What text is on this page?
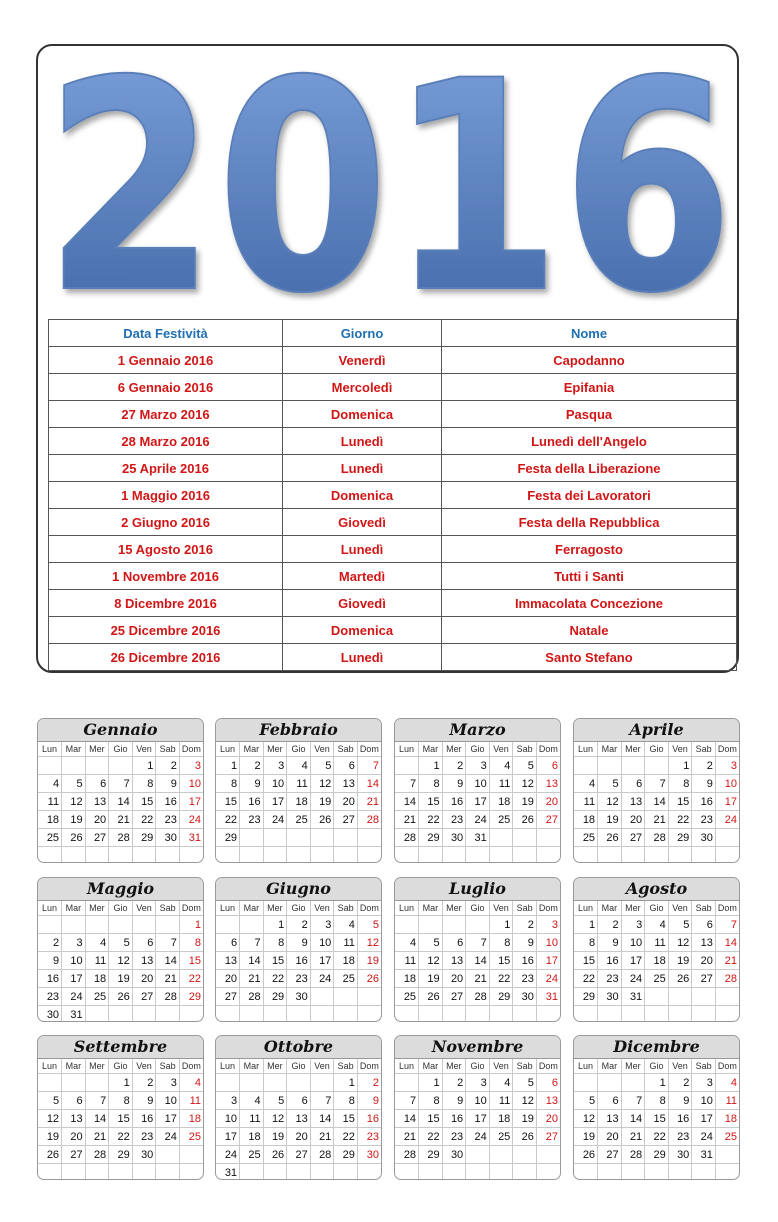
2016
Data Festività	Giorno	Nome
1 Gennaio 2016	Venerdì	Capodanno
6 Gennaio 2016	Mercoledì	Epifania
27 Marzo 2016	Domenica	Pasqua
28 Marzo 2016	Lunedì	Lunedì dell'Angelo
25 Aprile 2016	Lunedì	Festa della Liberazione
1 Maggio 2016	Domenica	Festa dei Lavoratori
2 Giugno 2016	Giovedì	Festa della Repubblica
15 Agosto 2016	Lunedì	Ferragosto
1 Novembre 2016	Martedì	Tutti i Santi
8 Dicembre 2016	Giovedì	Immacolata Concezione
25 Dicembre 2016	Domenica	Natale
26 Dicembre 2016	Lunedì	Santo Stefano
Gennaio
Lun	Mar	Mer	Gio	Ven	Sab	Dom
				1	2	3
4	5	6	7	8	9	10
11	12	13	14	15	16	17
18	19	20	21	22	23	24
25	26	27	28	29	30	31

Febbraio
Lun	Mar	Mer	Gio	Ven	Sab	Dom
1	2	3	4	5	6	7
8	9	10	11	12	13	14
15	16	17	18	19	20	21
22	23	24	25	26	27	28
29						

Marzo
Lun	Mar	Mer	Gio	Ven	Sab	Dom
	1	2	3	4	5	6
7	8	9	10	11	12	13
14	15	16	17	18	19	20
21	22	23	24	25	26	27
28	29	30	31			

Aprile
Lun	Mar	Mer	Gio	Ven	Sab	Dom
				1	2	3
4	5	6	7	8	9	10
11	12	13	14	15	16	17
18	19	20	21	22	23	24
25	26	27	28	29	30	

Maggio
Lun	Mar	Mer	Gio	Ven	Sab	Dom
						1
2	3	4	5	6	7	8
9	10	11	12	13	14	15
16	17	18	19	20	21	22
23	24	25	26	27	28	29
30	31					
Giugno
Lun	Mar	Mer	Gio	Ven	Sab	Dom
		1	2	3	4	5
6	7	8	9	10	11	12
13	14	15	16	17	18	19
20	21	22	23	24	25	26
27	28	29	30			

Luglio
Lun	Mar	Mer	Gio	Ven	Sab	Dom
				1	2	3
4	5	6	7	8	9	10
11	12	13	14	15	16	17
18	19	20	21	22	23	24
25	26	27	28	29	30	31

Agosto
Lun	Mar	Mer	Gio	Ven	Sab	Dom
1	2	3	4	5	6	7
8	9	10	11	12	13	14
15	16	17	18	19	20	21
22	23	24	25	26	27	28
29	30	31				

Settembre
Lun	Mar	Mer	Gio	Ven	Sab	Dom
			1	2	3	4
5	6	7	8	9	10	11
12	13	14	15	16	17	18
19	20	21	22	23	24	25
26	27	28	29	30		

Ottobre
Lun	Mar	Mer	Gio	Ven	Sab	Dom
					1	2
3	4	5	6	7	8	9
10	11	12	13	14	15	16
17	18	19	20	21	22	23
24	25	26	27	28	29	30
31						
Novembre
Lun	Mar	Mer	Gio	Ven	Sab	Dom
	1	2	3	4	5	6
7	8	9	10	11	12	13
14	15	16	17	18	19	20
21	22	23	24	25	26	27
28	29	30				

Dicembre
Lun	Mar	Mer	Gio	Ven	Sab	Dom
			1	2	3	4
5	6	7	8	9	10	11
12	13	14	15	16	17	18
19	20	21	22	23	24	25
26	27	28	29	30	31	
